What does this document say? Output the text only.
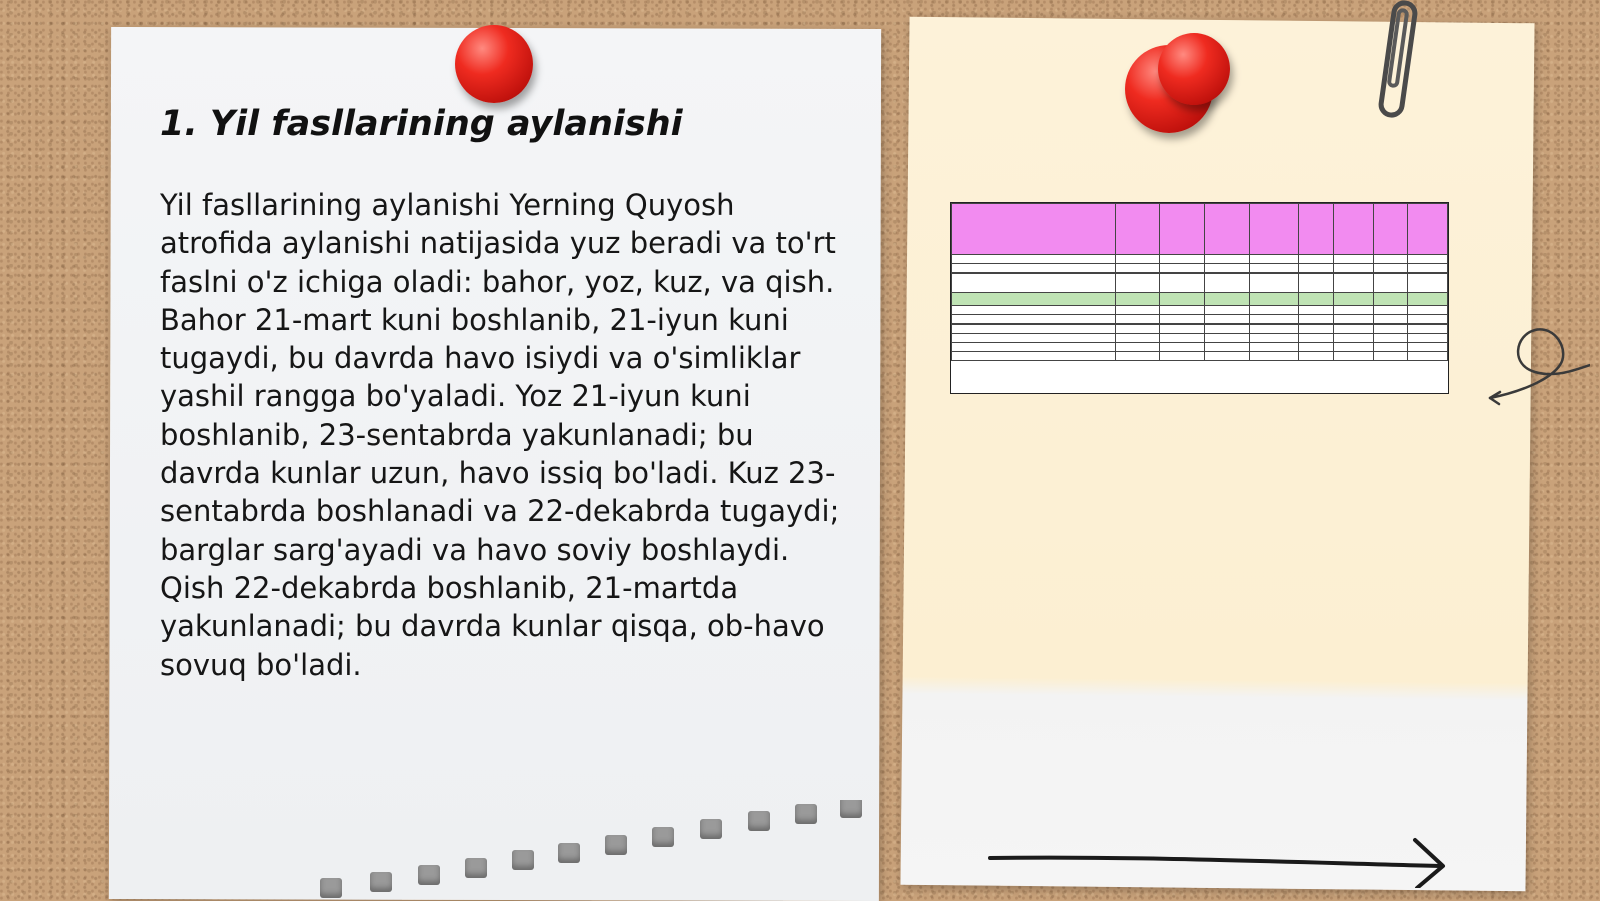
1. Yil fasllarining aylanishi

Yil fasllarining aylanishi Yerning Quyosh atrofida aylanishi natijasida yuz beradi va to'rt faslni o'z ichiga oladi: bahor, yoz, kuz, va qish. Bahor 21-mart kuni boshlanib, 21-iyun kuni tugaydi, bu davrda havo isiydi va o'simliklar yashil rangga bo'yaladi. Yoz 21-iyun kuni boshlanib, 23-sentabrda yakunlanadi; bu davrda kunlar uzun, havo issiq bo'ladi. Kuz 23-sentabrda boshlanadi va 22-dekabrda tugaydi; barglar sarg'ayadi va havo soviy boshlaydi. Qish 22-dekabrda boshlanib, 21-martda yakunlanadi; bu davrda kunlar qisqa, ob-havo sovuq bo'ladi.
